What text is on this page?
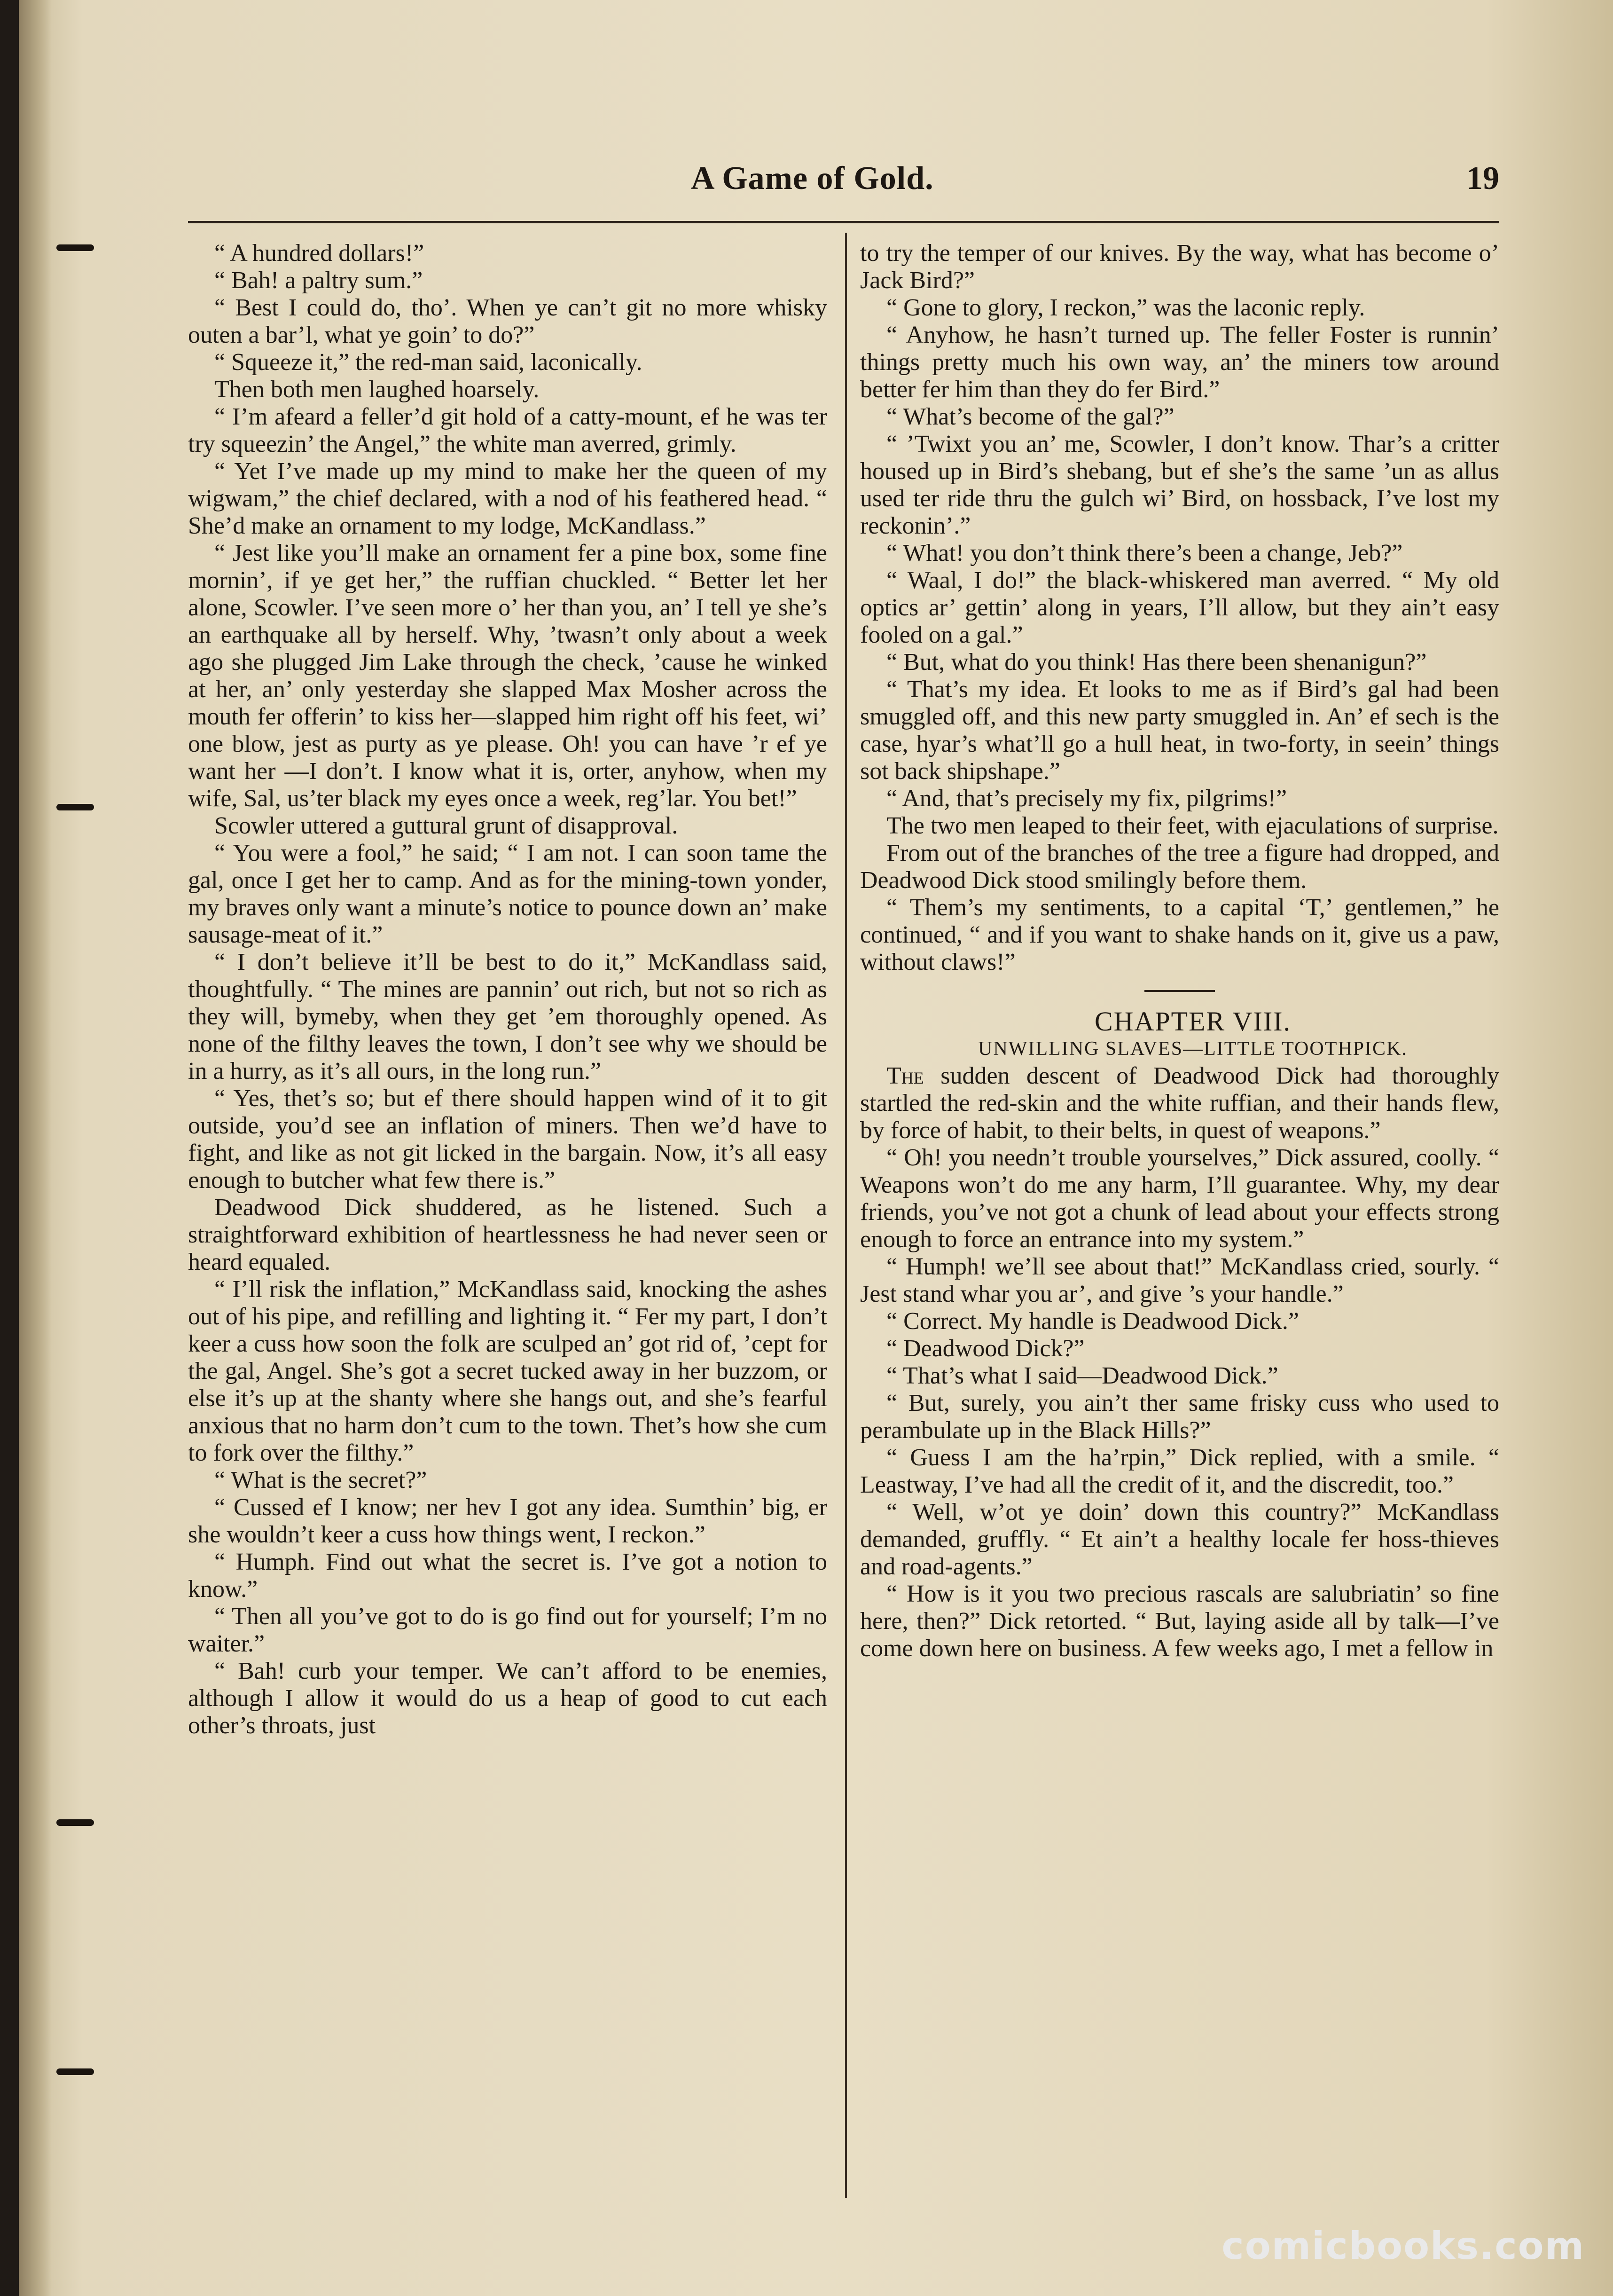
A Game of Gold.	19

“ A hundred dollars!”

“ Bah! a paltry sum.”

“ Best I could do, tho’. When ye can’t git no more whisky outen a bar’l, what ye goin’ to do?”

“ Squeeze it,” the red-man said, laconically.

Then both men laughed hoarsely.

“ I’m afeard a feller’d git hold of a catty-mount, ef he was ter try squeezin’ the Angel,” the white man averred, grimly.

“ Yet I’ve made up my mind to make her the queen of my wigwam,” the chief declared, with a nod of his feathered head. “ She’d make an ornament to my lodge, McKandlass.”

“ Jest like you’ll make an ornament fer a pine box, some fine mornin’, if ye get her,” the ruffian chuckled. “ Better let her alone, Scowler. I’ve seen more o’ her than you, an’ I tell ye she’s an earthquake all by herself. Why, ’twasn’t only about a week ago she plugged Jim Lake through the check, ’cause he winked at her, an’ only yesterday she slapped Max Mosher across the mouth fer offerin’ to kiss her—slapped him right off his feet, wi’ one blow, jest as purty as ye please. Oh! you can have ’r ef ye want her —I don’t. I know what it is, orter, anyhow, when my wife, Sal, us’ter black my eyes once a week, reg’lar. You bet!”

Scowler uttered a guttural grunt of disapproval.

“ You were a fool,” he said; “ I am not. I can soon tame the gal, once I get her to camp. And as for the mining-town yonder, my braves only want a minute’s notice to pounce down an’ make sausage-meat of it.”

“ I don’t believe it’ll be best to do it,” McKandlass said, thoughtfully. “ The mines are pannin’ out rich, but not so rich as they will, bymeby, when they get ’em thoroughly opened. As none of the filthy leaves the town, I don’t see why we should be in a hurry, as it’s all ours, in the long run.”

“ Yes, thet’s so; but ef there should happen wind of it to git outside, you’d see an inflation of miners. Then we’d have to fight, and like as not git licked in the bargain. Now, it’s all easy enough to butcher what few there is.”

Deadwood Dick shuddered, as he listened. Such a straightforward exhibition of heartlessness he had never seen or heard equaled.

“ I’ll risk the inflation,” McKandlass said, knocking the ashes out of his pipe, and refilling and lighting it. “ Fer my part, I don’t keer a cuss how soon the folk are sculped an’ got rid of, ’cept for the gal, Angel. She’s got a secret tucked away in her buzzom, or else it’s up at the shanty where she hangs out, and she’s fearful anxious that no harm don’t cum to the town. Thet’s how she cum to fork over the filthy.”

“ What is the secret?”

“ Cussed ef I know; ner hev I got any idea. Sumthin’ big, er she wouldn’t keer a cuss how things went, I reckon.”

“ Humph. Find out what the secret is. I’ve got a notion to know.”

“ Then all you’ve got to do is go find out for yourself; I’m no waiter.”

“ Bah! curb your temper. We can’t afford to be enemies, although I allow it would do us a heap of good to cut each other’s throats, just

to try the temper of our knives. By the way, what has become o’ Jack Bird?”

“ Gone to glory, I reckon,” was the laconic reply.

“ Anyhow, he hasn’t turned up. The feller Foster is runnin’ things pretty much his own way, an’ the miners tow around better fer him than they do fer Bird.”

“ What’s become of the gal?”

“ ’Twixt you an’ me, Scowler, I don’t know. Thar’s a critter housed up in Bird’s shebang, but ef she’s the same ’un as allus used ter ride thru the gulch wi’ Bird, on hossback, I’ve lost my reckonin’.”

“ What! you don’t think there’s been a change, Jeb?”

“ Waal, I do!” the black-whiskered man averred. “ My old optics ar’ gettin’ along in years, I’ll allow, but they ain’t easy fooled on a gal.”

“ But, what do you think! Has there been shenanigun?”

“ That’s my idea. Et looks to me as if Bird’s gal had been smuggled off, and this new party smuggled in. An’ ef sech is the case, hyar’s what’ll go a hull heat, in two-forty, in seein’ things sot back shipshape.”

“ And, that’s precisely my fix, pilgrims!”

The two men leaped to their feet, with ejaculations of surprise.

From out of the branches of the tree a figure had dropped, and Deadwood Dick stood smilingly before them.

“ Them’s my sentiments, to a capital ‘T,’ gentlemen,” he continued, “ and if you want to shake hands on it, give us a paw, without claws!”

CHAPTER VIII.

UNWILLING SLAVES—LITTLE TOOTHPICK.

The sudden descent of Deadwood Dick had thoroughly startled the red-skin and the white ruffian, and their hands flew, by force of habit, to their belts, in quest of weapons.”

“ Oh! you needn’t trouble yourselves,” Dick assured, coolly. “ Weapons won’t do me any harm, I’ll guarantee. Why, my dear friends, you’ve not got a chunk of lead about your effects strong enough to force an entrance into my system.”

“ Humph! we’ll see about that!” McKandlass cried, sourly. “ Jest stand whar you ar’, and give ’s your handle.”

“ Correct. My handle is Deadwood Dick.”

“ Deadwood Dick?”

“ That’s what I said—Deadwood Dick.”

“ But, surely, you ain’t ther same frisky cuss who used to perambulate up in the Black Hills?”

“ Guess I am the ha’rpin,” Dick replied, with a smile. “ Leastway, I’ve had all the credit of it, and the discredit, too.”

“ Well, w’ot ye doin’ down this country?” McKandlass demanded, gruffly. “ Et ain’t a healthy locale fer hoss-thieves and road-agents.”

“ How is it you two precious rascals are salubriatin’ so fine here, then?” Dick retorted. “ But, laying aside all by talk—I’ve come down here on business. A few weeks ago, I met a fellow in

comicbooks.com
